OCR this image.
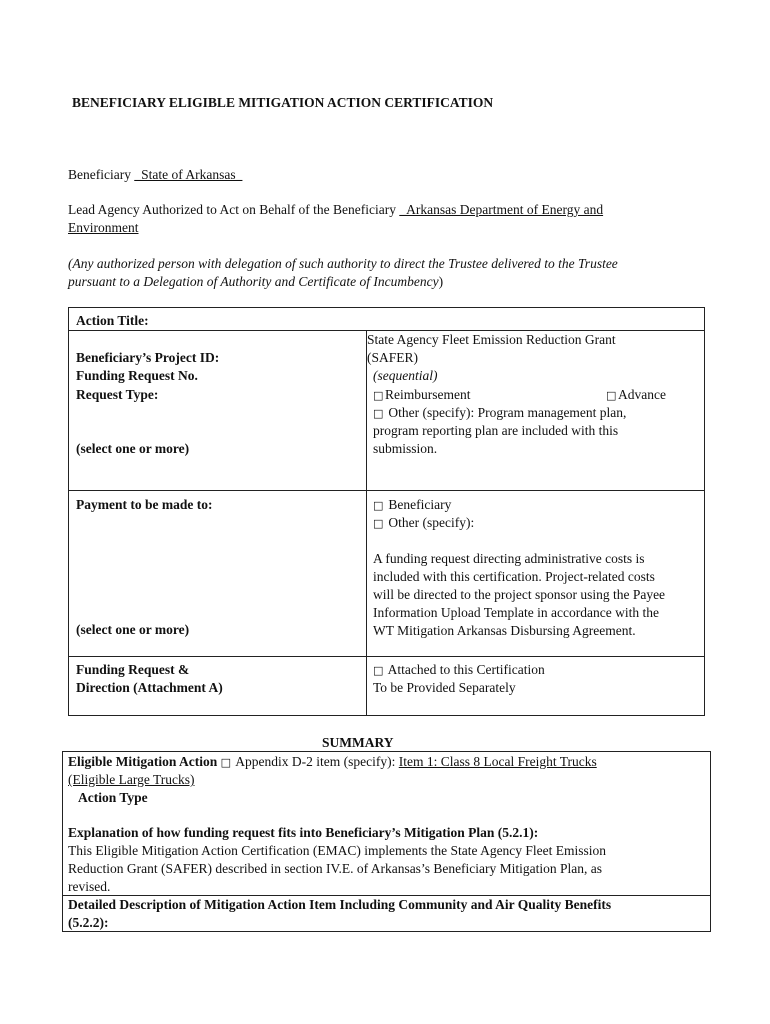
BENEFICIARY ELIGIBLE MITIGATION ACTION CERTIFICATION
Beneficiary _State of Arkansas_
Lead Agency Authorized to Act on Behalf of the Beneficiary _Arkansas Department of Energy and
Environment
(Any authorized person with delegation of such authority to direct the Trustee delivered to the Trustee
pursuant to a Delegation of Authority and Certificate of Incumbency)
Action Title:
Beneficiary’s Project ID:
Funding Request No.
Request Type:
(select one or more)
Payment to be made to:
(select one or more)
Funding Request &
Direction (Attachment A)
State Agency Fleet Emission Reduction Grant
(SAFER)
(sequential)
□ Reimbursement	□ Advance
□ Other (specify): Program management plan,
program reporting plan are included with this
submission.
□ Beneficiary
□ Other (specify):
A funding request directing administrative costs is
included with this certification. Project-related costs
will be directed to the project sponsor using the Payee
Information Upload Template in accordance with the
WT Mitigation Arkansas Disbursing Agreement.
□ Attached to this Certification
To be Provided Separately
SUMMARY
Eligible Mitigation Action □ Appendix D-2 item (specify): Item 1: Class 8 Local Freight Trucks
(Eligible Large Trucks)
Action Type
Explanation of how funding request fits into Beneficiary’s Mitigation Plan (5.2.1):
This Eligible Mitigation Action Certification (EMAC) implements the State Agency Fleet Emission
Reduction Grant (SAFER) described in section IV.E. of Arkansas’s Beneficiary Mitigation Plan, as
revised.
Detailed Description of Mitigation Action Item Including Community and Air Quality Benefits
(5.2.2):
